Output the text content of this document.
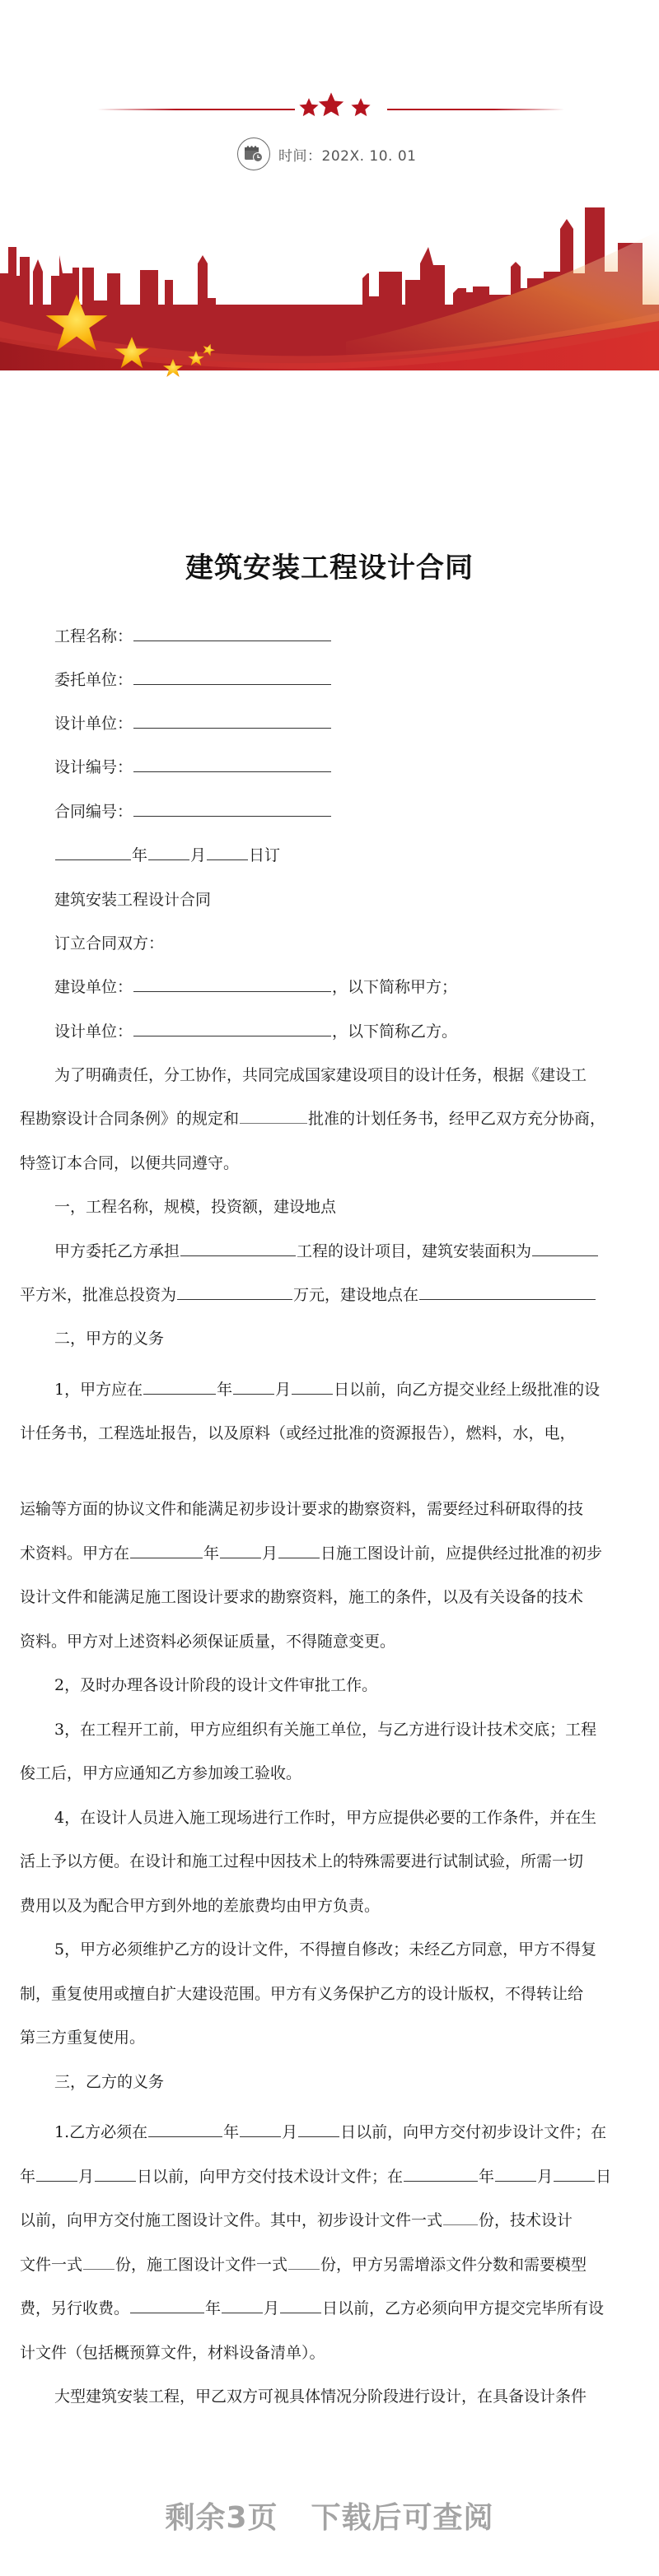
时间：202X. 10. 01
建筑安装工程设计合同
工程名称：
委托单位：
设计单位：
设计编号：
合同编号：
年	月	日订
建筑安装工程设计合同
订立合同双方：
建设单位：	，以下简称甲方；
设计单位：	，以下简称乙方。
为了明确责任，分工协作，共同完成国家建设项目的设计任务，根据《建设工
程勘察设计合同条例》的规定和	批准的计划任务书，经甲乙双方充分协商，
特签订本合同，以便共同遵守。
一，工程名称，规模，投资额，建设地点
甲方委托乙方承担	工程的设计项目，建筑安装面积为
平方米，批准总投资为	万元，建设地点在
二，甲方的义务
1，甲方应在	年	月	日以前，向乙方提交业经上级批准的设
计任务书，工程选址报告，以及原料（或经过批准的资源报告），燃料，水，电，
运输等方面的协议文件和能满足初步设计要求的勘察资料，需要经过科研取得的技
术资料。甲方在	年	月	日施工图设计前，应提供经过批准的初步
设计文件和能满足施工图设计要求的勘察资料，施工的条件，以及有关设备的技术
资料。甲方对上述资料必须保证质量，不得随意变更。
2，及时办理各设计阶段的设计文件审批工作。
3，在工程开工前，甲方应组织有关施工单位，与乙方进行设计技术交底；工程
俊工后，甲方应通知乙方参加竣工验收。
4，在设计人员进入施工现场进行工作时，甲方应提供必要的工作条件，并在生
活上予以方便。在设计和施工过程中因技术上的特殊需要进行试制试验，所需一切
费用以及为配合甲方到外地的差旅费均由甲方负责。
5，甲方必须维护乙方的设计文件，不得擅自修改；未经乙方同意，甲方不得复
制，重复使用或擅自扩大建设范围。甲方有义务保护乙方的设计版权，不得转让给
第三方重复使用。
三，乙方的义务
1.乙方必须在	年	月	日以前，向甲方交付初步设计文件；在
年	月	日以前，向甲方交付技术设计文件；在	年	月	日
以前，向甲方交付施工图设计文件。其中，初步设计文件一式 份，技术设计
文件一式 份，施工图设计文件一式 份，甲方另需增添文件分数和需要模型
费，另行收费。	年	月	日以前，乙方必须向甲方提交完毕所有设
计文件（包括概预算文件，材料设备清单）。
大型建筑安装工程，甲乙双方可视具体情况分阶段进行设计，在具备设计条件
剩余3页 下载后可查阅
